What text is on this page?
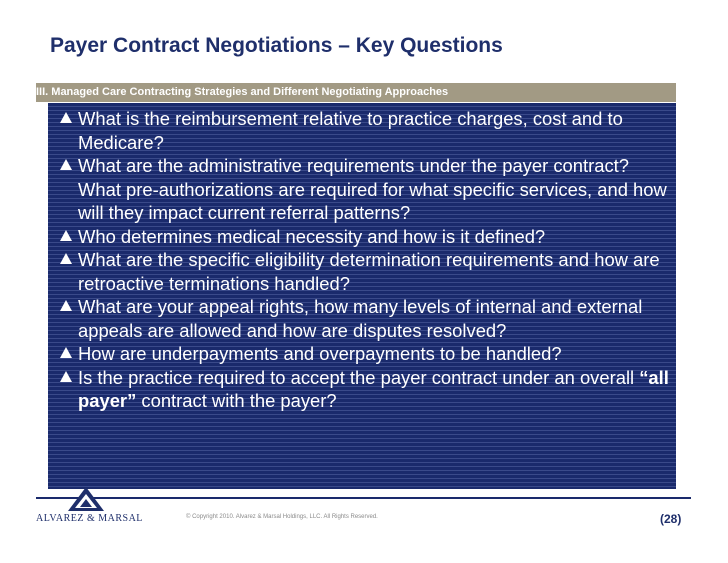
Payer Contract Negotiations – Key Questions
III. Managed Care Contracting Strategies and Different Negotiating Approaches
What is the reimbursement relative to practice charges, cost and to Medicare?
What are the administrative requirements under the payer contract? What pre-authorizations are required for what specific services, and how will they impact current referral patterns?
Who determines medical necessity and how is it defined?
What are the specific eligibility determination requirements and how are retroactive terminations handled?
What are your appeal rights, how many levels of internal and external appeals are allowed and how are disputes resolved?
How are underpayments and overpayments to be handled?
Is the practice required to accept the payer contract under an overall “all payer” contract with the payer?
ALVAREZ & MARSAL	© Copyright 2010. Alvarez & Marsal Holdings, LLC. All Rights Reserved.	(28)
